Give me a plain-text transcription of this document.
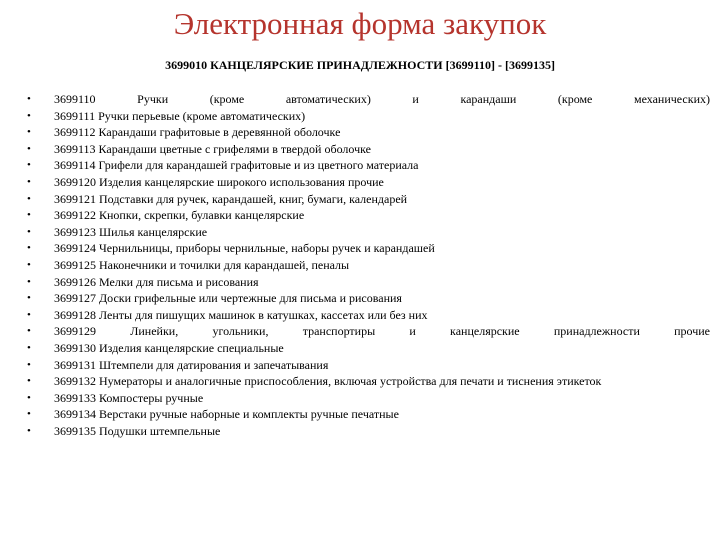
Электронная форма закупок
3699010 КАНЦЕЛЯРСКИЕ ПРИНАДЛЕЖНОСТИ [3699110] - [3699135]
• 3699110 Ручки (кроме автоматических) и карандаши (кроме механических)
• 3699111 Ручки перьевые (кроме автоматических)
• 3699112 Карандаши графитовые в деревянной оболочке
• 3699113 Карандаши цветные с грифелями в твердой оболочке
• 3699114 Грифели для карандашей графитовые и из цветного материала
• 3699120 Изделия канцелярские широкого использования прочие
• 3699121 Подставки для ручек, карандашей, книг, бумаги, календарей
• 3699122 Кнопки, скрепки, булавки канцелярские
• 3699123 Шилья канцелярские
• 3699124 Чернильницы, приборы чернильные, наборы ручек и карандашей
• 3699125 Наконечники и точилки для карандашей, пеналы
• 3699126 Мелки для письма и рисования
• 3699127 Доски грифельные или чертежные для письма и рисования
• 3699128 Ленты для пишущих машинок в катушках, кассетах или без них
• 3699129 Линейки, угольники, транспортиры и канцелярские принадлежности прочие
• 3699130 Изделия канцелярские специальные
• 3699131 Штемпели для датирования и запечатывания
• 3699132 Нумераторы и аналогичные приспособления, включая устройства для печати и тиснения этикеток
• 3699133 Компостеры ручные
• 3699134 Верстаки ручные наборные и комплекты ручные печатные
• 3699135 Подушки штемпельные
